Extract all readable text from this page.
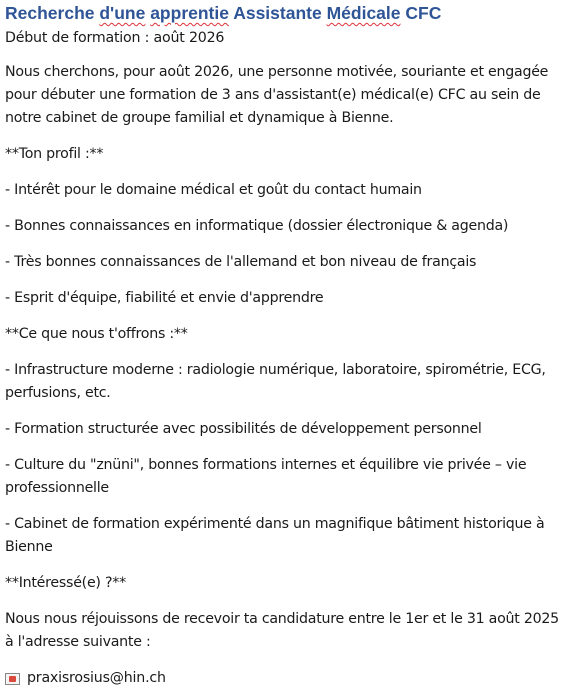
Recherche d'une apprentie Assistante Médicale CFC
Début de formation : août 2026

Nous cherchons, pour août 2026, une personne motivée, souriante et engagée pour débuter une formation de 3 ans d'assistant(e) médical(e) CFC au sein de notre cabinet de groupe familial et dynamique à Bienne.

**Ton profil :**

- Intérêt pour le domaine médical et goût du contact humain

- Bonnes connaissances en informatique (dossier électronique & agenda)

- Très bonnes connaissances de l'allemand et bon niveau de français

- Esprit d'équipe, fiabilité et envie d'apprendre

**Ce que nous t'offrons :**

- Infrastructure moderne : radiologie numérique, laboratoire, spirométrie, ECG, perfusions, etc.

- Formation structurée avec possibilités de développement personnel

- Culture du "znüni", bonnes formations internes et équilibre vie privée – vie professionnelle

- Cabinet de formation expérimenté dans un magnifique bâtiment historique à Bienne

**Intéressé(e) ?**

Nous nous réjouissons de recevoir ta candidature entre le 1er et le 31 août 2025 à l'adresse suivante :

praxisrosius@hin.ch
